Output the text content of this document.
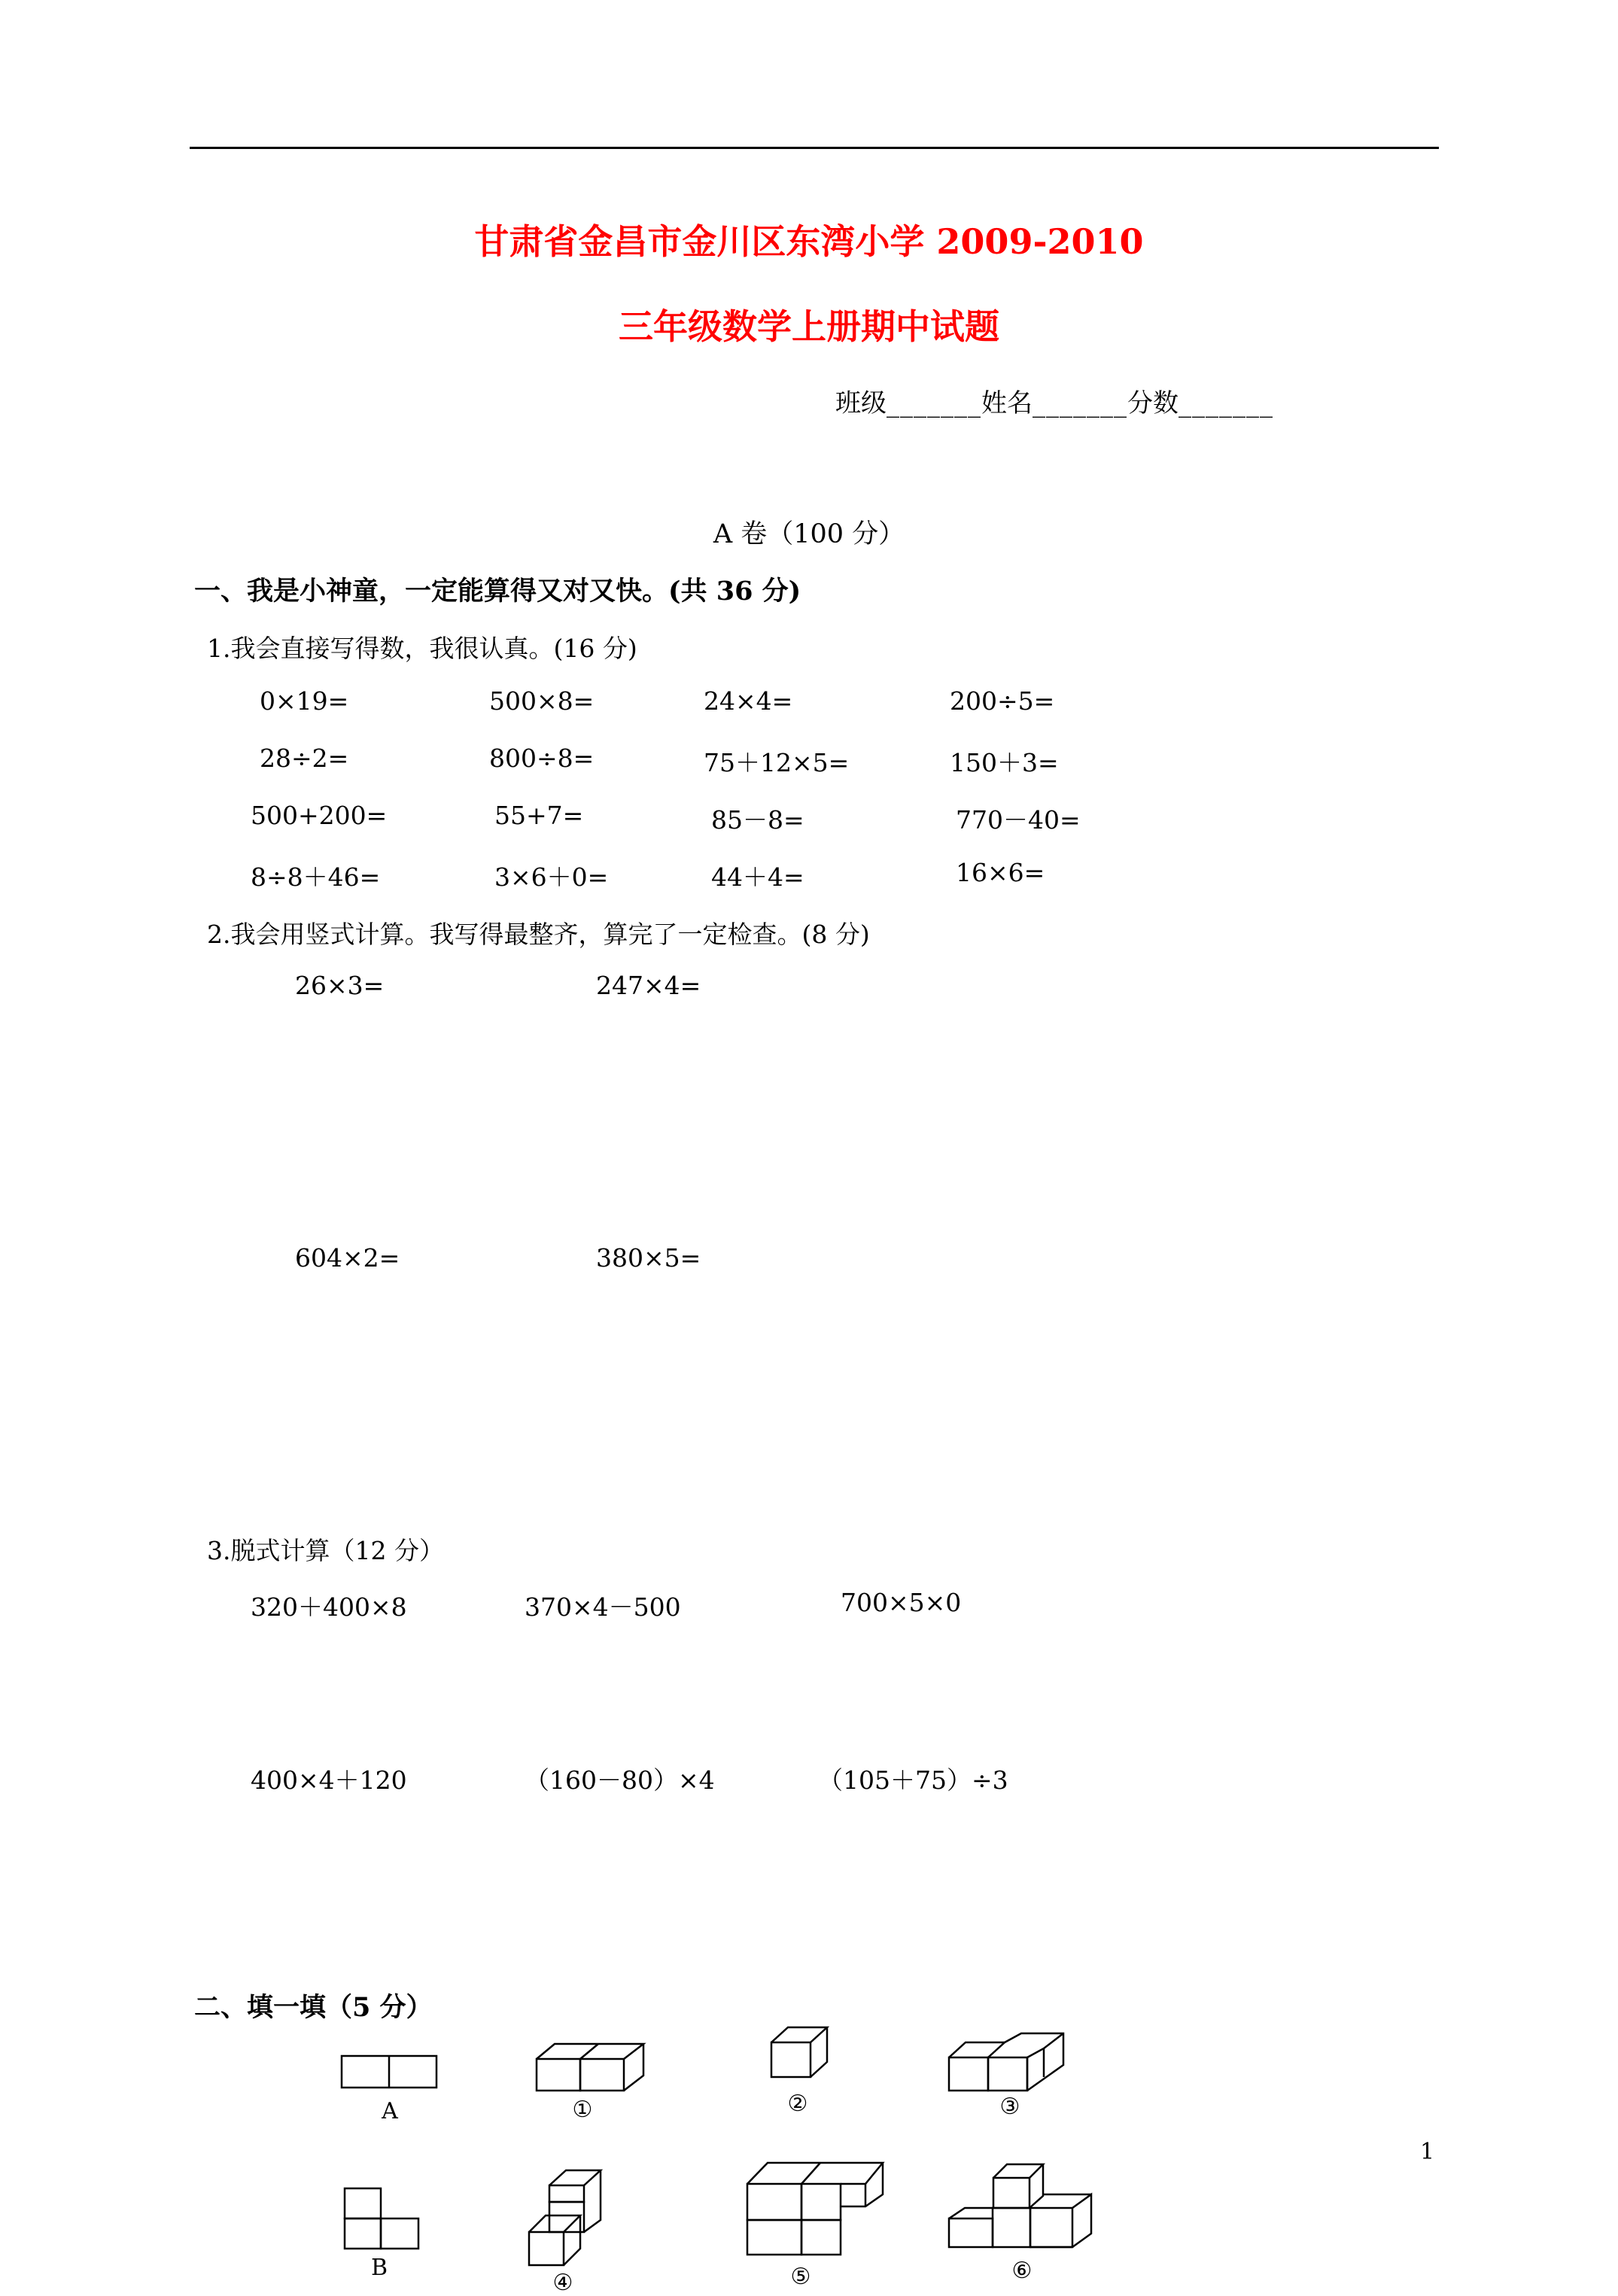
甘肃省金昌市金川区东湾小学 2009-2010
三年级数学上册期中试题
班级_______姓名_______分数_______
A 卷（100 分）
一、我是小神童，一定能算得又对又快。(共 36 分)
1.我会直接写得数，我很认真。(16 分)
0×19=	500×8=	24×4=	200÷5=
28÷2=	800÷8=	75＋12×5=	150＋3=
500+200=	55+7=	85－8=	770－40=
8÷8＋46=	3×6＋0=	44＋4=	16×6=
2.我会用竖式计算。我写得最整齐，算完了一定检查。(8 分)
26×3=	247×4=
604×2=	380×5=
3.脱式计算（12 分）
320＋400×8	370×4－500	700×5×0
400×4＋120	（160－80）×4	（105＋75）÷3
二、填一填（5 分）
A	①	②	③
B
④	⑤	⑥
1
